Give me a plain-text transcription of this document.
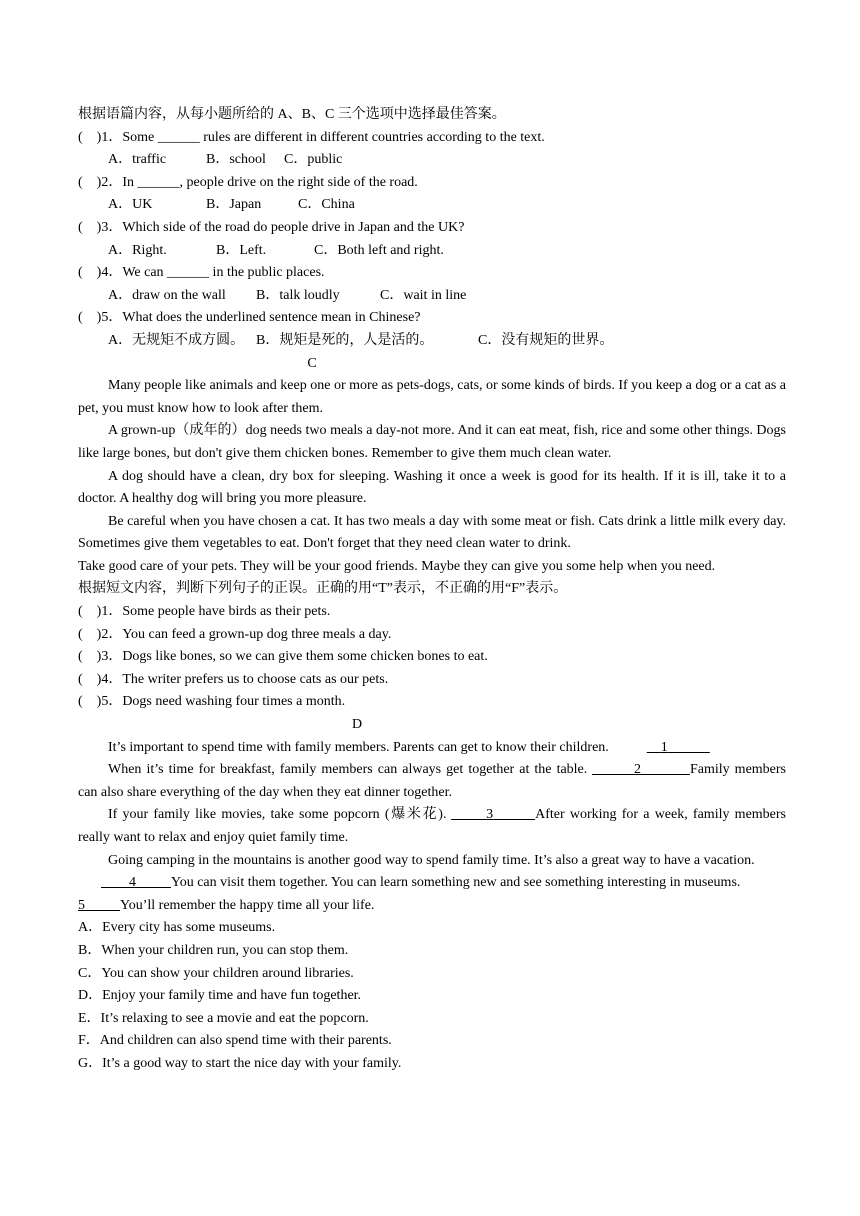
根据语篇内容，从每小题所给的 A、B、C 三个选项中选择最佳答案。
(　)1．Some ______ rules are different in different countries according to the text.
A．traffic	B．school C．public
(　)2．In ______, people drive on the right side of the road.
A．UK	B．Japan	C．China
(　)3．Which side of the road do people drive in Japan and the UK?
A．Right.	B．Left.	C．Both left and right.
(　)4．We can ______ in the public places.
A．draw on the wall B．talk loudly	C．wait in line
(　)5．What does the underlined sentence mean in Chinese?
A．无规矩不成方圆。 B．规矩是死的，人是活的。	C．没有规矩的世界。
C
Many people like animals and keep one or more as pets-dogs, cats, or some kinds of birds. If you keep a dog or a cat as a pet, you must know how to look after them.
A grown-up（成年的）dog needs two meals a day-not more. And it can eat meat, fish, rice and some other things. Dogs like large bones, but don't give them chicken bones. Remember to give them much clean water.
A dog should have a clean, dry box for sleeping. Washing it once a week is good for its health. If it is ill, take it to a doctor. A healthy dog will bring you more pleasure.
Be careful when you have chosen a cat. It has two meals a day with some meat or fish. Cats drink a little milk every day. Sometimes give them vegetables to eat. Don't forget that they need clean water to drink.
Take good care of your pets. They will be your good friends. Maybe they can give you some help when you need.
根据短文内容，判断下列句子的正误。正确的用“T”表示，不正确的用“F”表示。
(　)1．Some people have birds as their pets.
(　)2．You can feed a grown-up dog three meals a day.
(　)3．Dogs like bones, so we can give them some chicken bones to eat.
(　)4．The writer prefers us to choose cats as our pets.
(　)5．Dogs need washing four times a month.
D
It’s important to spend time with family members. Parents can get to know their children.  	1      
When it’s time for breakfast, family members can always get together at the table.       	2       	Family members can also share everything of the day when they eat dinner together.
If your family like movies, take some popcorn (爆米花).      	3      	After working for a week, family members really want to relax and enjoy quiet family time.
Going camping in the mountains is another good way to spend family time. It’s also a great way to have a vacation.
    4     	You can visit them together. You can learn something new and see something interesting in museums.
5     	You’ll remember the happy time all your life.
A．Every city has some museums.
B．When your children run, you can stop them.
C．You can show your children around libraries.
D．Enjoy your family time and have fun together.
E．It’s relaxing to see a movie and eat the popcorn.
F．And children can also spend time with their parents.
G．It’s a good way to start the nice day with your family.
